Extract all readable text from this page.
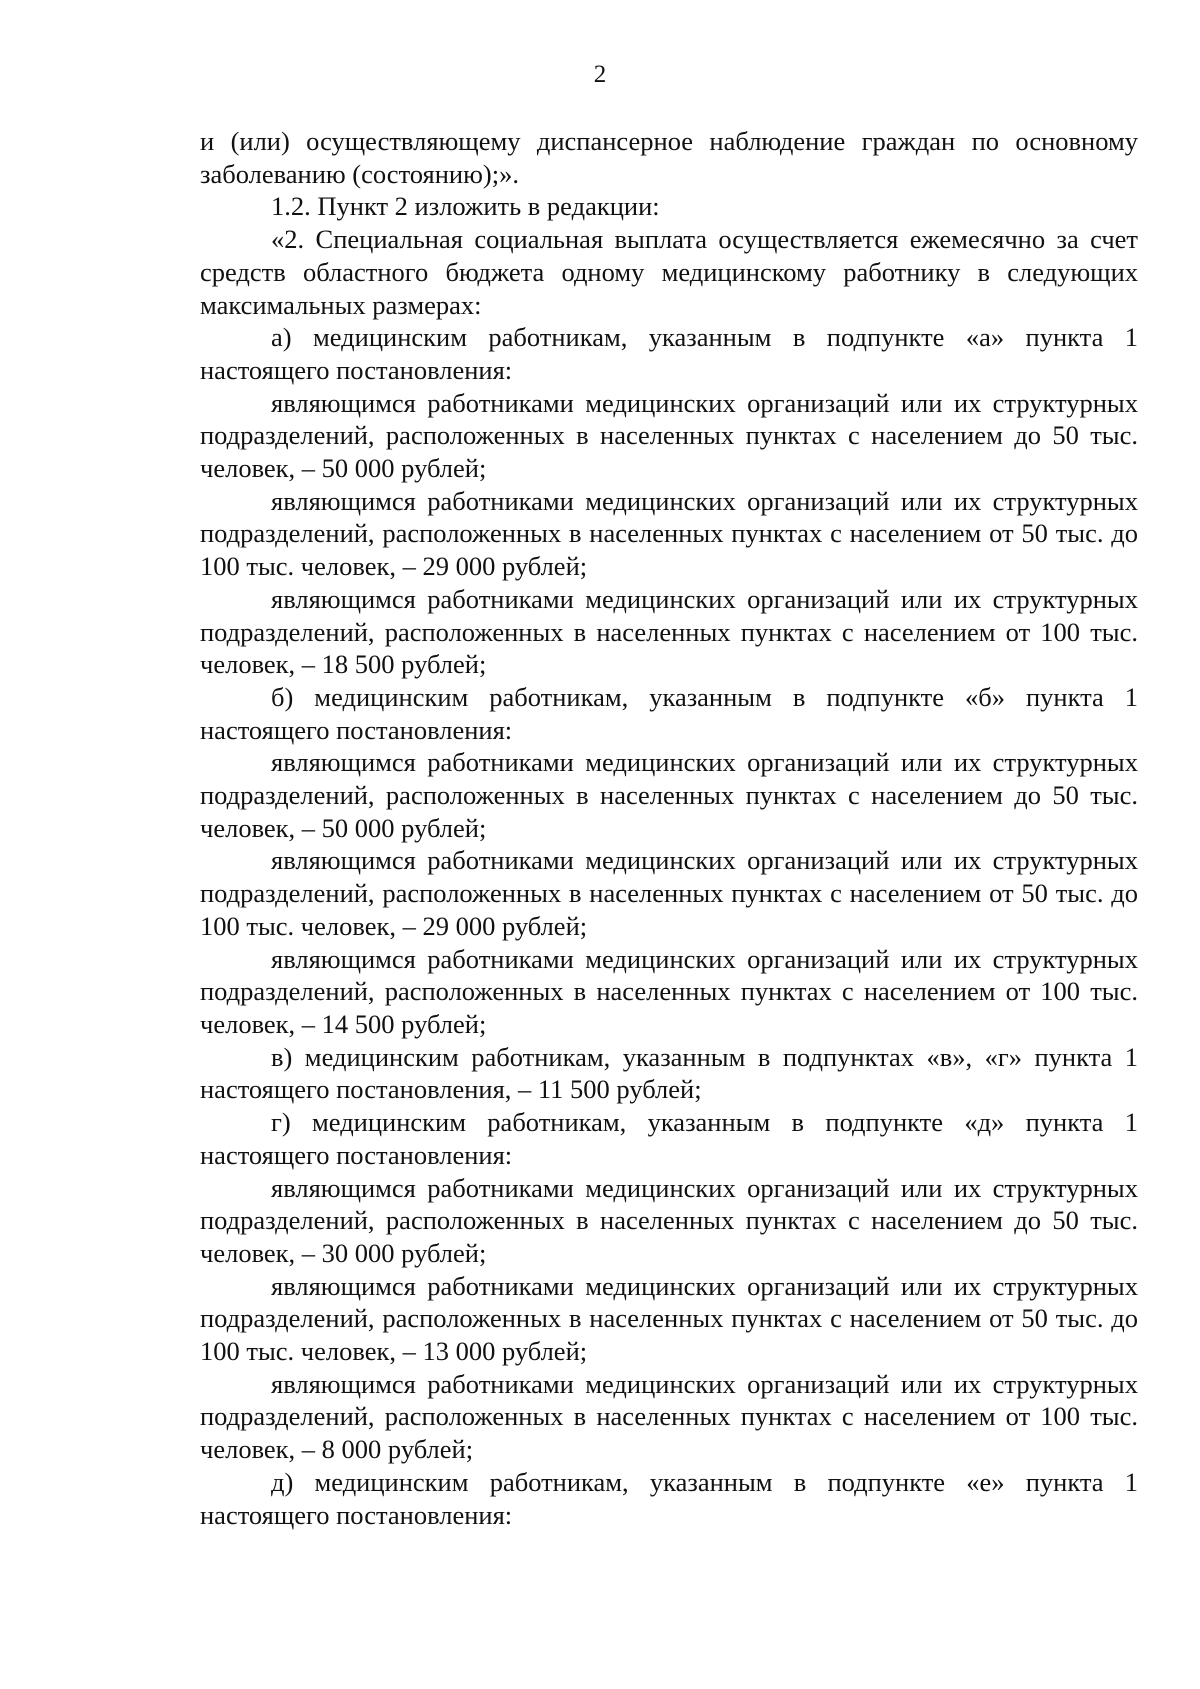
2

и (или) осуществляющему диспансерное наблюдение граждан по основному заболеванию (состоянию);».

1.2. Пункт 2 изложить в редакции:

«2. Специальная социальная выплата осуществляется ежемесячно за счет средств областного бюджета одному медицинскому работнику в следующих максимальных размерах:

а) медицинским работникам, указанным в подпункте «а» пункта 1 настоящего постановления:

являющимся работниками медицинских организаций или их структурных подразделений, расположенных в населенных пунктах с населением до 50 тыс. человек, – 50 000 рублей;

являющимся работниками медицинских организаций или их структурных подразделений, расположенных в населенных пунктах с населением от 50 тыс. до 100 тыс. человек, – 29 000 рублей;

являющимся работниками медицинских организаций или их структурных подразделений, расположенных в населенных пунктах с населением от 100 тыс. человек, – 18 500 рублей;

б) медицинским работникам, указанным в подпункте «б» пункта 1 настоящего постановления:

являющимся работниками медицинских организаций или их структурных подразделений, расположенных в населенных пунктах с населением до 50 тыс. человек, – 50 000 рублей;

являющимся работниками медицинских организаций или их структурных подразделений, расположенных в населенных пунктах с населением от 50 тыс. до 100 тыс. человек, – 29 000 рублей;

являющимся работниками медицинских организаций или их структурных подразделений, расположенных в населенных пунктах с населением от 100 тыс. человек, – 14 500 рублей;

в) медицинским работникам, указанным в подпунктах «в», «г» пункта 1 настоящего постановления, – 11 500 рублей;

г) медицинским работникам, указанным в подпункте «д» пункта 1 настоящего постановления:

являющимся работниками медицинских организаций или их структурных подразделений, расположенных в населенных пунктах с населением до 50 тыс. человек, – 30 000 рублей;

являющимся работниками медицинских организаций или их структурных подразделений, расположенных в населенных пунктах с населением от 50 тыс. до 100 тыс. человек, – 13 000 рублей;

являющимся работниками медицинских организаций или их структурных подразделений, расположенных в населенных пунктах с населением от 100 тыс. человек, – 8 000 рублей;

д) медицинским работникам, указанным в подпункте «е» пункта 1 настоящего постановления:
